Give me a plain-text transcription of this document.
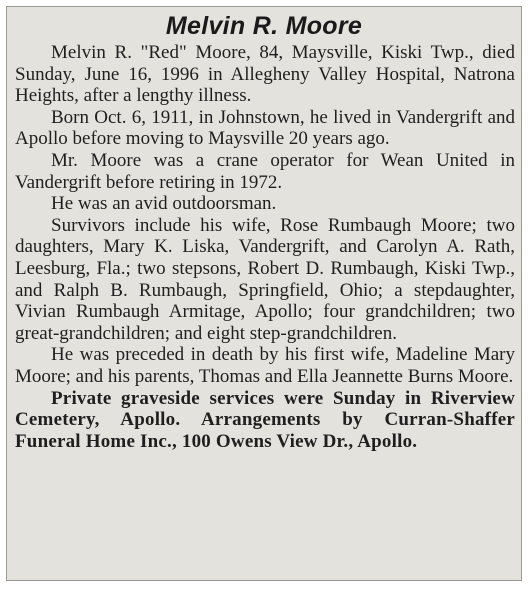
Melvin R. Moore

Melvin R. "Red" Moore, 84, Maysville, Kiski Twp., died Sunday, June 16, 1996 in Allegheny Valley Hospital, Natrona Heights, after a lengthy illness.

Born Oct. 6, 1911, in Johnstown, he lived in Vandergrift and Apollo before moving to Maysville 20 years ago.

Mr. Moore was a crane operator for Wean United in Vandergrift before retiring in 1972.

He was an avid outdoorsman.

Survivors include his wife, Rose Rumbaugh Moore; two daughters, Mary K. Liska, Vandergrift, and Carolyn A. Rath, Leesburg, Fla.; two stepsons, Robert D. Rumbaugh, Kiski Twp., and Ralph B. Rumbaugh, Springfield, Ohio; a stepdaughter, Vivian Rumbaugh Armitage, Apollo; four grandchildren; two great-grandchildren; and eight step-grandchildren.

He was preceded in death by his first wife, Madeline Mary Moore; and his parents, Thomas and Ella Jeannette Burns Moore.

Private graveside services were Sunday in Riverview Cemetery, Apollo. Arrangements by Curran-Shaffer Funeral Home Inc., 100 Owens View Dr., Apollo.
